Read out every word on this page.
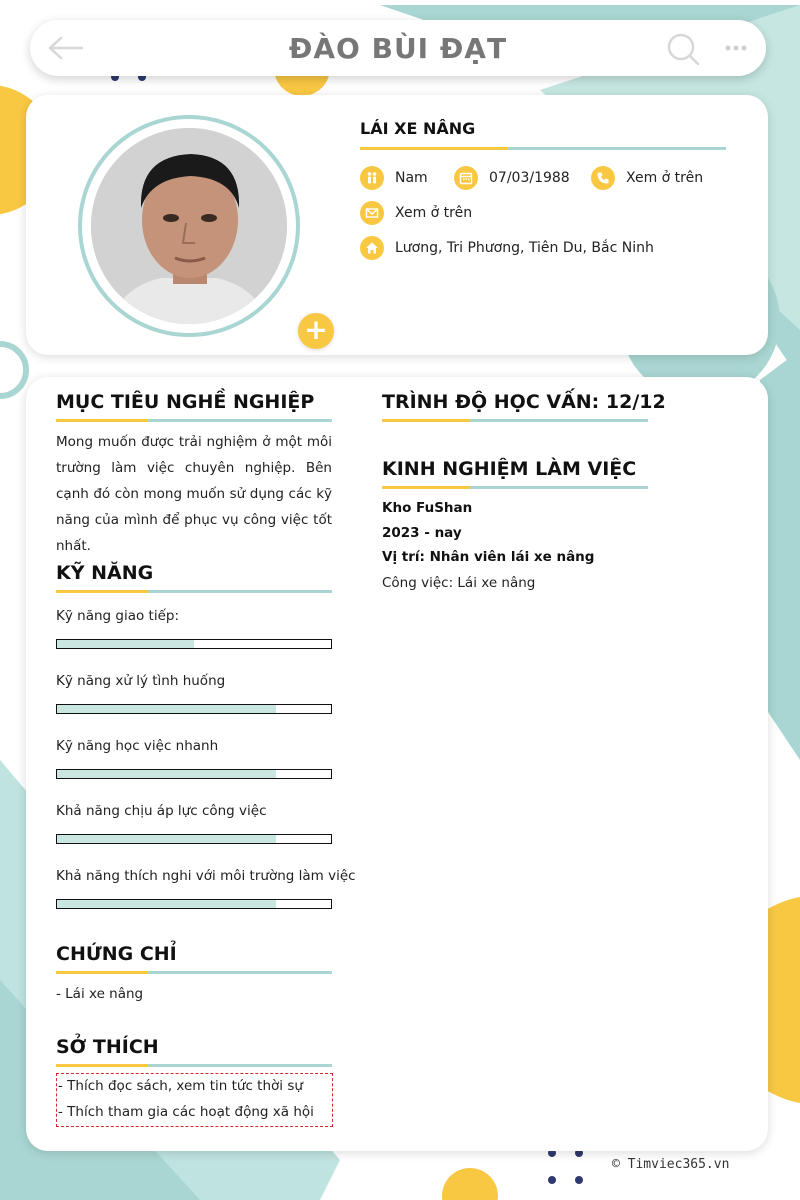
ĐÀO BÙI ĐẠT
+
LÁI XE NÂNG
Nam	07/03/1988	Xem ở trên
Xem ở trên
Lương, Tri Phương, Tiên Du, Bắc Ninh
MỤC TIÊU NGHỀ NGHIỆP
Mong muốn được trải nghiệm ở một môi trường làm việc chuyên nghiệp. Bên cạnh đó còn mong muốn sử dụng các kỹ năng của mình để phục vụ công việc tốt nhất.
KỸ NĂNG
Kỹ năng giao tiếp:
Kỹ năng xử lý tình huống
Kỹ năng học việc nhanh
Khả năng chịu áp lực công việc
Khả năng thích nghi với môi trường làm việc
CHỨNG CHỈ
- Lái xe nâng
SỞ THÍCH
- Thích đọc sách, xem tin tức thời sự
- Thích tham gia các hoạt động xã hội
TRÌNH ĐỘ HỌC VẤN: 12/12
KINH NGHIỆM LÀM VIỆC
Kho FuShan
2023 - nay
Vị trí: Nhân viên lái xe nâng
Công việc: Lái xe nâng
© Timviec365.vn
